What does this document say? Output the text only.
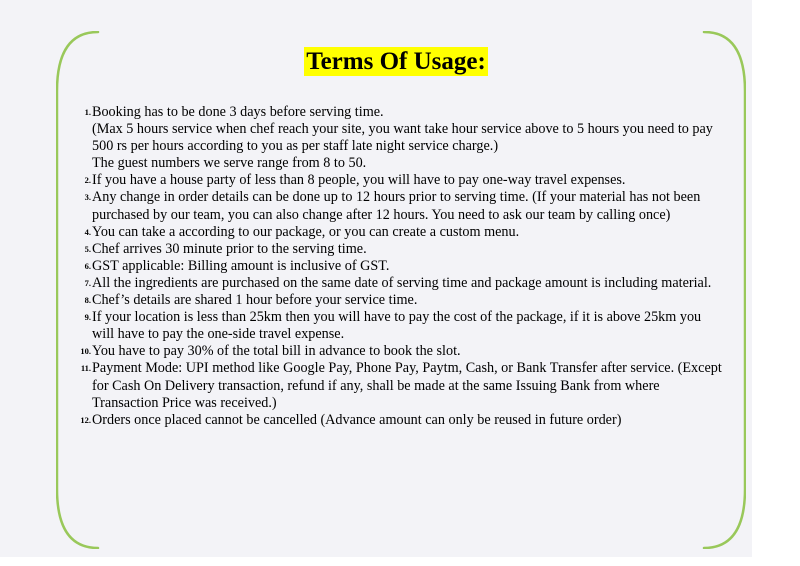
Terms Of Usage:
1. Booking has to be done 3 days before serving time.
(Max 5 hours service when chef reach your site, you want take hour service above to 5 hours you need to pay 500 rs per hours according to you as per staff late night service charge.)
The guest numbers we serve range from 8 to 50.
2. If you have a house party of less than 8 people, you will have to pay one-way travel expenses.
3. Any change in order details can be done up to 12 hours prior to serving time. (If your material has not been purchased by our team, you can also change after 12 hours. You need to ask our team by calling once)
4. You can take a according to our package, or you can create a custom menu.
5. Chef arrives 30 minute prior to the serving time.
6. GST applicable: Billing amount is inclusive of GST.
7. All the ingredients are purchased on the same date of serving time and package amount is including material.
8. Chef’s details are shared 1 hour before your service time.
9. If your location is less than 25km then you will have to pay the cost of the package, if it is above 25km you will have to pay the one-side travel expense.
10. You have to pay 30% of the total bill in advance to book the slot.
11. Payment Mode: UPI method like Google Pay, Phone Pay, Paytm, Cash, or Bank Transfer after service. (Except for Cash On Delivery transaction, refund if any, shall be made at the same Issuing Bank from where Transaction Price was received.)
12. Orders once placed cannot be cancelled (Advance amount can only be reused in future order)
